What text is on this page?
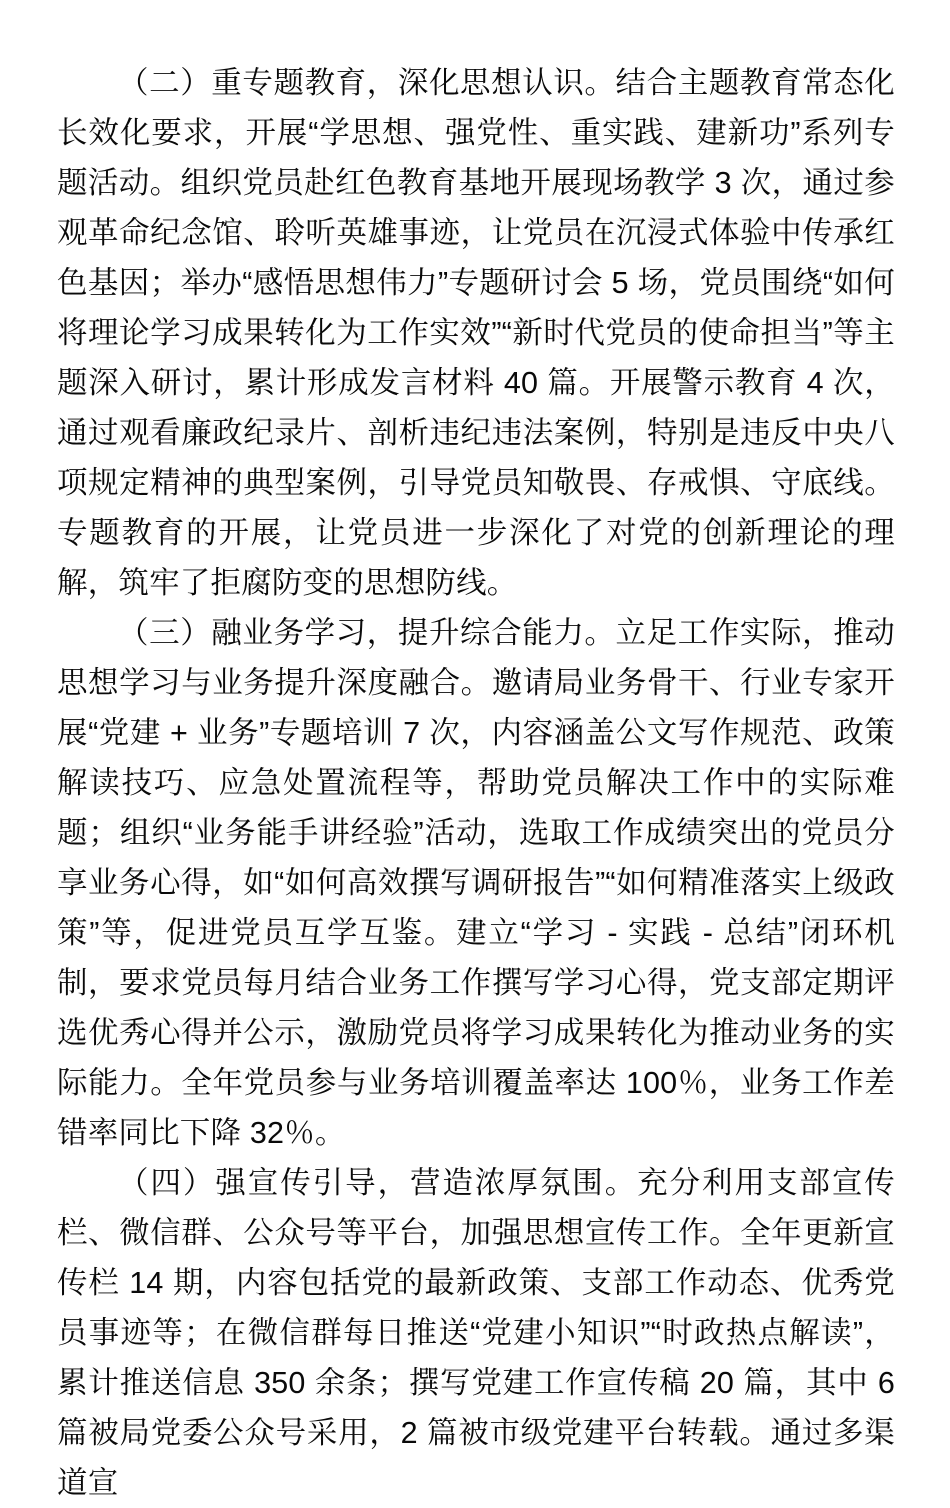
（二）重专题教育，深化思想认识。结合主题教育常态化长效化要求，开展“学思想、强党性、重实践、建新功”系列专题活动。组织党员赴红色教育基地开展现场教学 3 次，通过参观革命纪念馆、聆听英雄事迹，让党员在沉浸式体验中传承红色基因；举办“感悟思想伟力”专题研讨会 5 场，党员围绕“如何将理论学习成果转化为工作实效”“新时代党员的使命担当”等主题深入研讨，累计形成发言材料 40 篇。开展警示教育 4 次，通过观看廉政纪录片、剖析违纪违法案例，特别是违反中央八项规定精神的典型案例，引导党员知敬畏、存戒惧、守底线。专题教育的开展，让党员进一步深化了对党的创新理论的理解，筑牢了拒腐防变的思想防线。

（三）融业务学习，提升综合能力。立足工作实际，推动思想学习与业务提升深度融合。邀请局业务骨干、行业专家开展“党建 + 业务”专题培训 7 次，内容涵盖公文写作规范、政策解读技巧、应急处置流程等，帮助党员解决工作中的实际难题；组织“业务能手讲经验”活动，选取工作成绩突出的党员分享业务心得，如“如何高效撰写调研报告”“如何精准落实上级政策”等，促进党员互学互鉴。建立“学习 - 实践 - 总结”闭环机制，要求党员每月结合业务工作撰写学习心得，党支部定期评选优秀心得并公示，激励党员将学习成果转化为推动业务的实际能力。全年党员参与业务培训覆盖率达 100％，业务工作差错率同比下降 32％。

（四）强宣传引导，营造浓厚氛围。充分利用支部宣传栏、微信群、公众号等平台，加强思想宣传工作。全年更新宣传栏 14 期，内容包括党的最新政策、支部工作动态、优秀党员事迹等；在微信群每日推送“党建小知识”“时政热点解读”，累计推送信息 350 余条；撰写党建工作宣传稿 20 篇，其中 6 篇被局党委公众号采用，2 篇被市级党建平台转载。通过多渠道宣
